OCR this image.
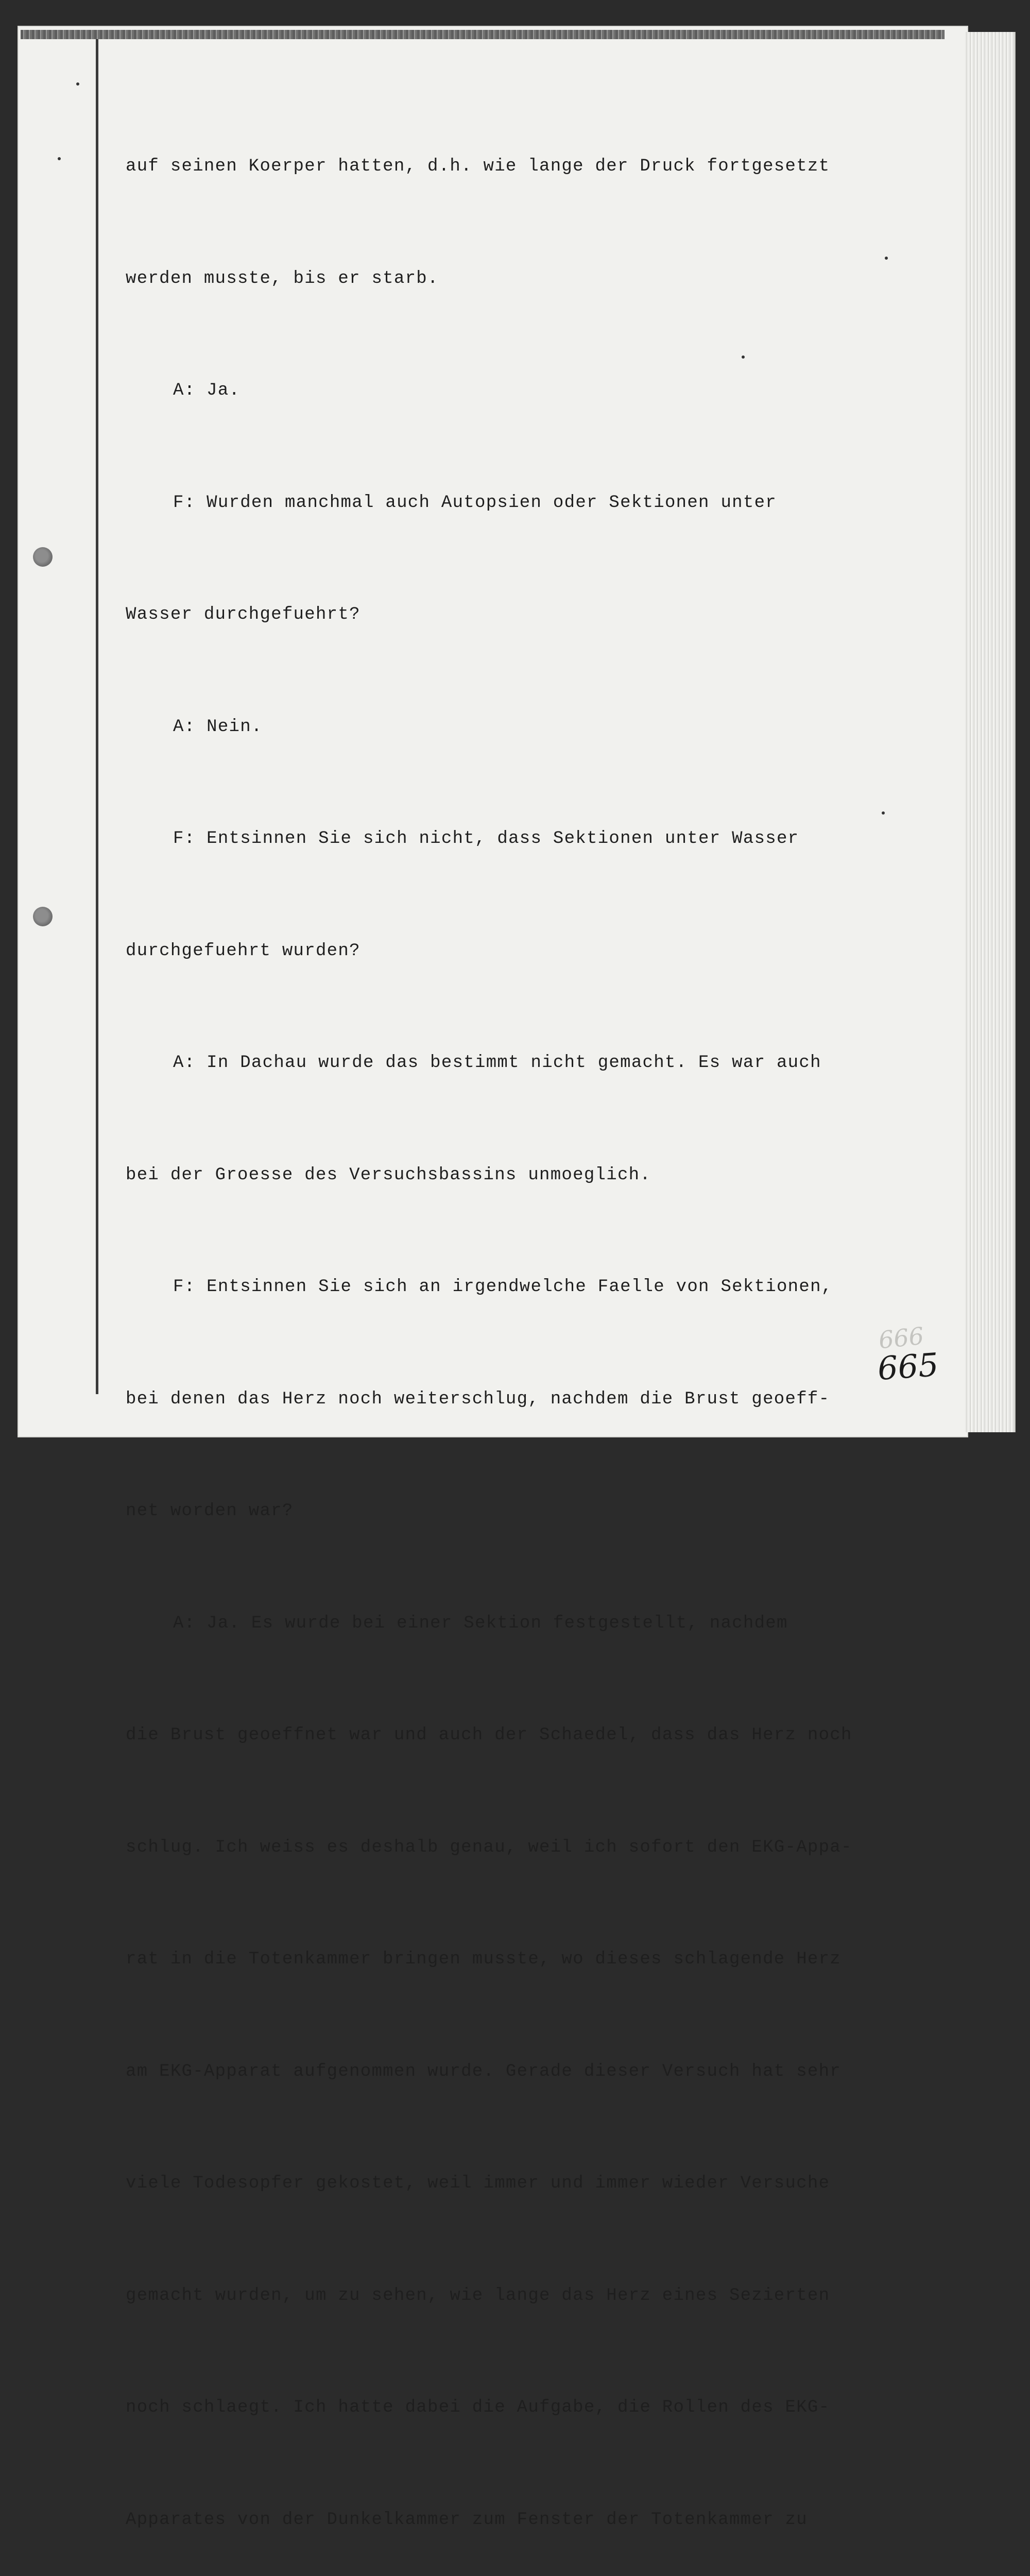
auf seinen Koerper hatten, d.h. wie lange der Druck fortgesetzt

werden musste, bis er starb.

A: Ja.

F: Wurden manchmal auch Autopsien oder Sektionen unter

Wasser durchgefuehrt?

A: Nein.

F: Entsinnen Sie sich nicht, dass Sektionen unter Wasser

durchgefuehrt wurden?

A: In Dachau wurde das bestimmt nicht gemacht. Es war auch

bei der Groesse des Versuchsbassins unmoeglich.

F: Entsinnen Sie sich an irgendwelche Faelle von Sektionen,

bei denen das Herz noch weiterschlug, nachdem die Brust geoeff-

net worden war?

A: Ja. Es wurde bei einer Sektion festgestellt, nachdem

die Brust geoeffnet war und auch der Schaedel, dass das Herz noch

schlug. Ich weiss es deshalb genau, weil ich sofort den EKG-Appa-

rat in die Totenkammer bringen musste, wo dieses schlagende Herz

am EKG-Apparat aufgenommen wurde. Gerade dieser Versuch hat sehr

viele Todesopfer gekostet, weil immer und immer wieder Versuche

gemacht wurden, um zu sehen, wie lange das Herz eines Sezierten

noch schlaegt. Ich hatte dabei die Aufgabe, die Rollen des EKG-

Apparates von der Dunkelkammer zum Fenster der Totenkammer zu

666
665
